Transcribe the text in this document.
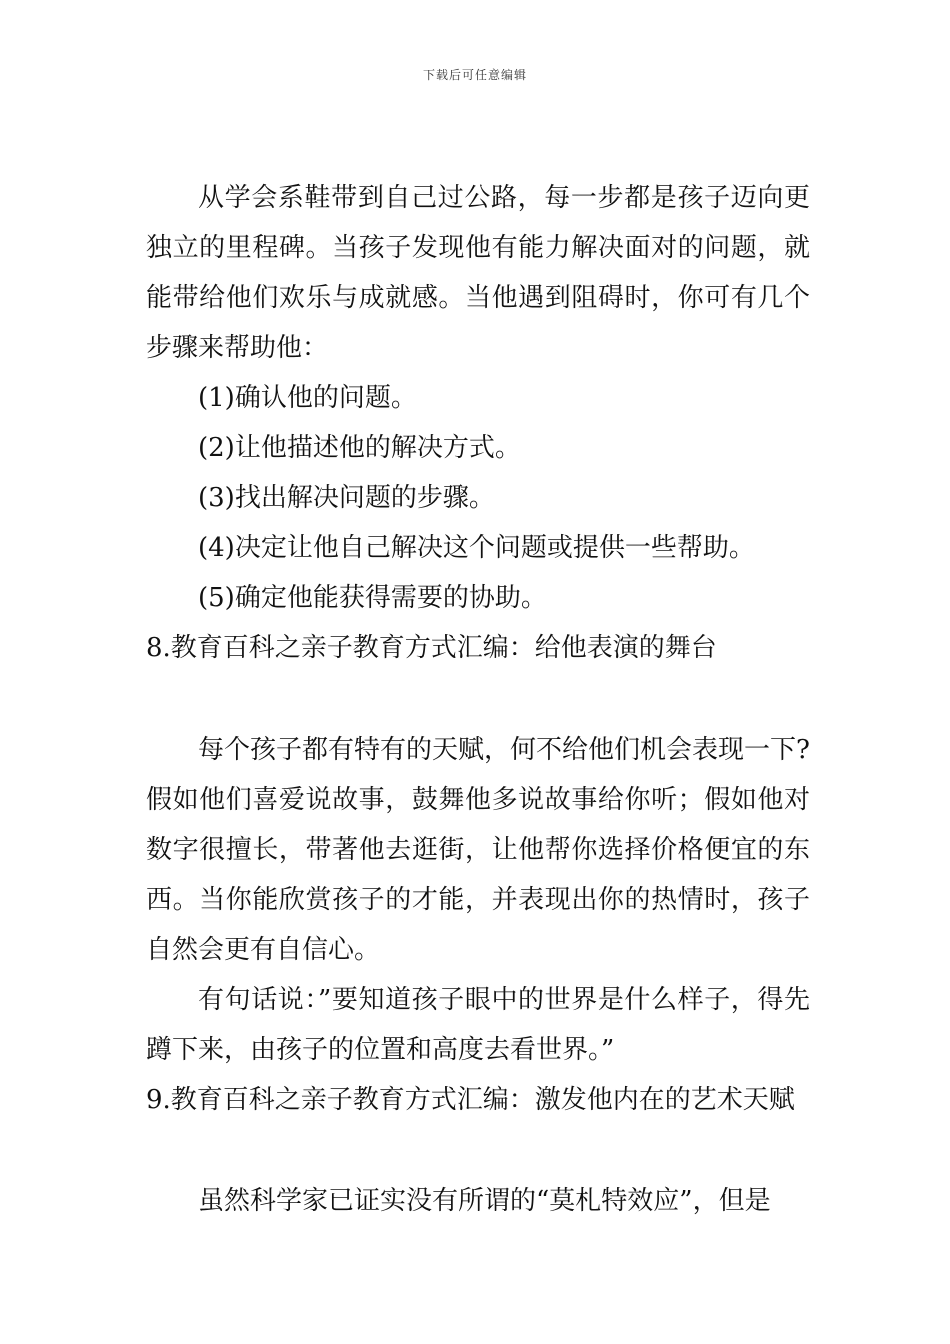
下载后可任意编辑

从学会系鞋带到自己过公路，每一步都是孩子迈向更独立的里程碑。当孩子发现他有能力解决面对的问题，就能带给他们欢乐与成就感。当他遇到阻碍时，你可有几个步骤来帮助他：

(1)确认他的问题。

(2)让他描述他的解决方式。

(3)找出解决问题的步骤。

(4)决定让他自己解决这个问题或提供一些帮助。

(5)确定他能获得需要的协助。

8.教育百科之亲子教育方式汇编：给他表演的舞台

每个孩子都有特有的天赋，何不给他们机会表现一下?假如他们喜爱说故事，鼓舞他多说故事给你听；假如他对数字很擅长，带著他去逛街，让他帮你选择价格便宜的东西。当你能欣赏孩子的才能，并表现出你的热情时，孩子自然会更有自信心。

有句话说：”要知道孩子眼中的世界是什么样子，得先蹲下来，由孩子的位置和高度去看世界。”

9.教育百科之亲子教育方式汇编：激发他内在的艺术天赋

虽然科学家已证实没有所谓的“莫札特效应”，但是
